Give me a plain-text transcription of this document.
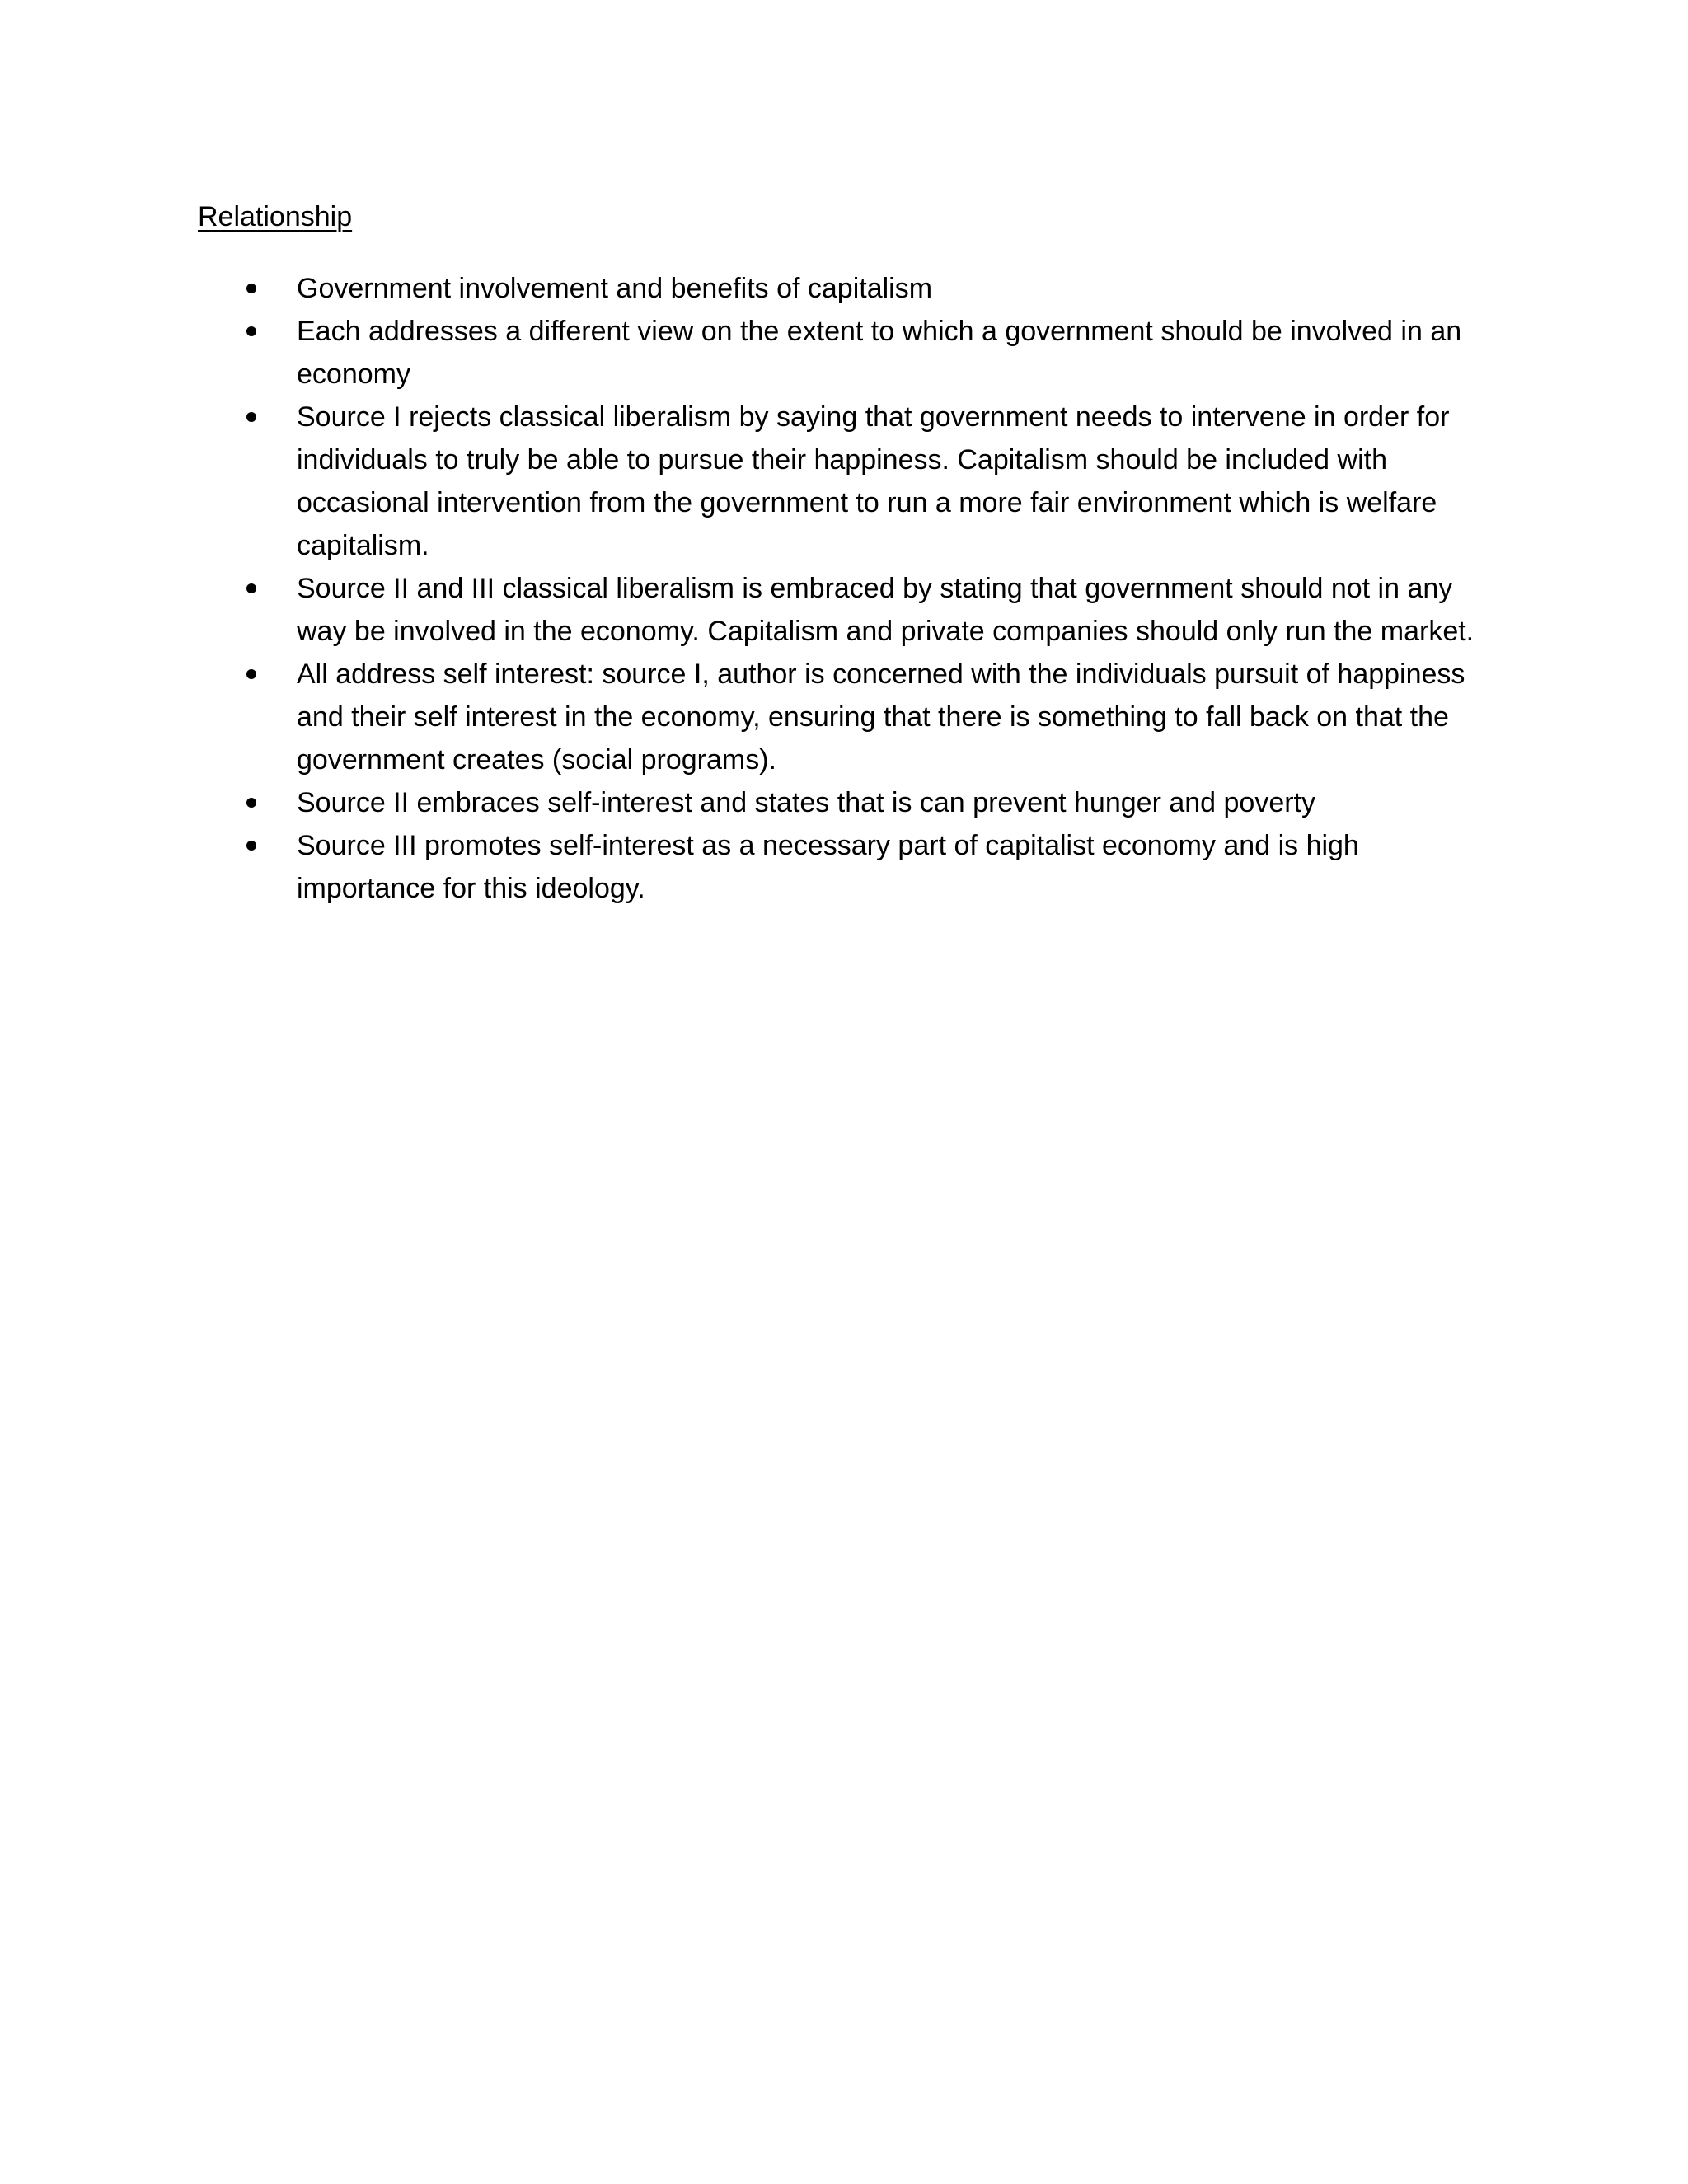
Relationship
Government involvement and benefits of capitalism
Each addresses a different view on the extent to which a government should be involved in an economy
Source I rejects classical liberalism by saying that government needs to intervene in order for individuals to truly be able to pursue their happiness. Capitalism should be included with occasional intervention from the government to run a more fair environment which is welfare capitalism.
Source II and III classical liberalism is embraced by stating that government should not in any way be involved in the economy. Capitalism and private companies should only run the market.
All address self interest: source I, author is concerned with the individuals pursuit of happiness and their self interest in the economy, ensuring that there is something to fall back on that the government creates (social programs).
Source II embraces self-interest and states that is can prevent hunger and poverty
Source III promotes self-interest as a necessary part of capitalist economy and is high importance for this ideology.
